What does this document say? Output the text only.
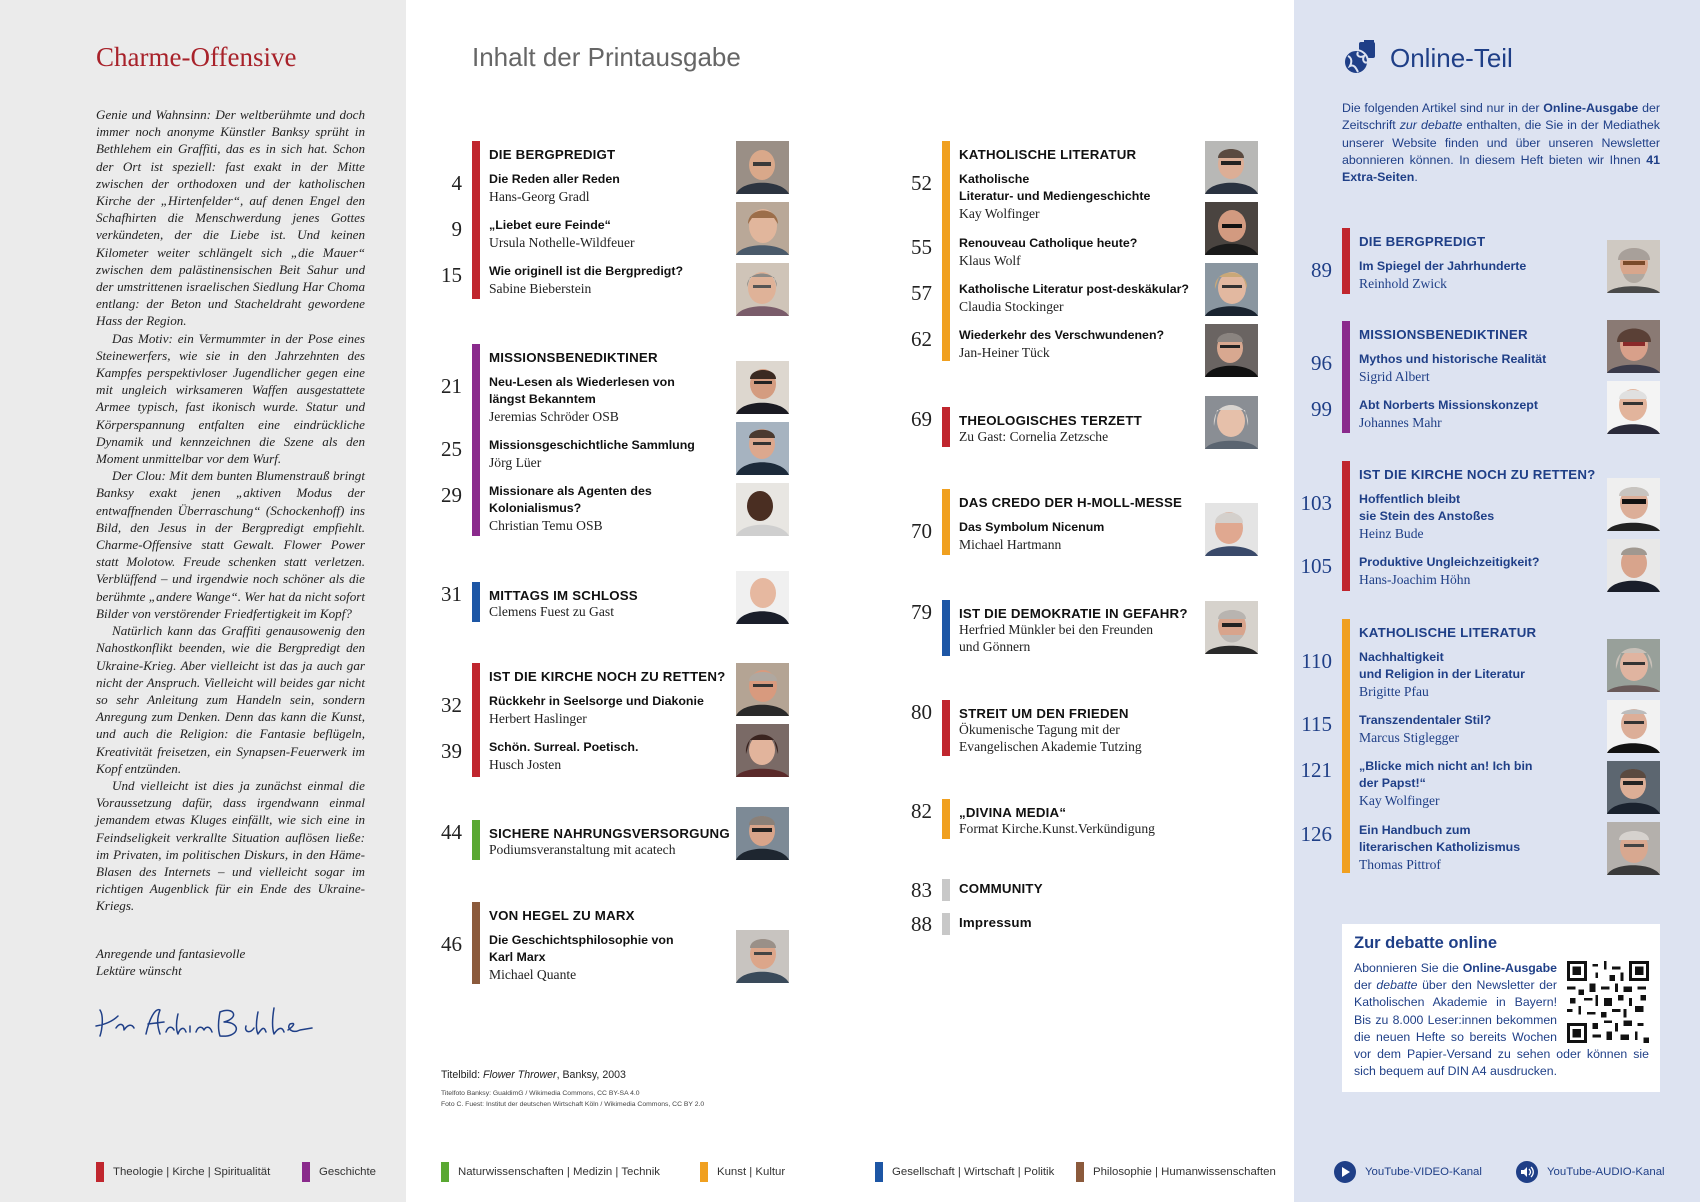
Charme-Offensive

Genie und Wahnsinn: Der weltberühmte und doch immer noch anonyme Künstler Banksy sprüht in Bethlehem ein Graffiti, das es in sich hat. Schon der Ort ist speziell: fast exakt in der Mitte zwischen der orthodoxen und der katholischen Kirche der „Hirtenfelder“, auf denen Engel den Schafhirten die Menschwerdung jenes Gottes verkündeten, der die Liebe ist. Und keinen Kilometer weiter schlängelt sich „die Mauer“ zwischen dem palästinensischen Beit Sahur und der umstrittenen israelischen Siedlung Har Choma entlang: der Beton und Stacheldraht gewordene Hass der Region.

Das Motiv: ein Vermummter in der Pose eines Steinewerfers, wie sie in den Jahrzehnten des Kampfes perspektivloser Jugendlicher gegen eine mit ungleich wirksameren Waffen ausgestattete Armee typisch, fast ikonisch wurde. Statur und Körperspannung entfalten eine eindrückliche Dynamik und kennzeichnen die Szene als den Moment unmittelbar vor dem Wurf.

Der Clou: Mit dem bunten Blumenstrauß bringt Banksy exakt jenen „aktiven Modus der entwaffnenden Überraschung“ (Schockenhoff) ins Bild, den Jesus in der Bergpredigt empfiehlt. Charme-Offensive statt Gewalt. Flower Power statt Molotow. Freude schenken statt verletzen. Verblüffend – und irgendwie noch schöner als die berühmte „andere Wange“. Wer hat da nicht sofort Bilder von verstörender Friedfertigkeit im Kopf?

Natürlich kann das Graffiti genausowenig den Nahostkonflikt beenden, wie die Bergpredigt den Ukraine-Krieg. Aber vielleicht ist das ja auch gar nicht der Anspruch. Vielleicht will beides gar nicht so sehr Anleitung zum Handeln sein, sondern Anregung zum Denken. Denn das kann die Kunst, und auch die Religion: die Fantasie beflügeln, Kreativität freisetzen, ein Synapsen-Feuerwerk im Kopf entzünden.

Und vielleicht ist dies ja zunächst einmal die Voraussetzung dafür, dass irgendwann einmal jemandem etwas Kluges einfällt, wie sich eine in Feindseligkeit verkrallte Situation auflösen ließe: im Privaten, im politischen Diskurs, in den Häme-Blasen des Internets – und vielleicht sogar im richtigen Augenblick für ein Ende des Ukraine-Kriegs.

Anregende und fantasievolle
Lektüre wünscht
Inhalt der Printausgabe
DIE BERGPREDIGT
4 Die Reden aller Reden
Hans-Georg Gradl
9 „Liebet eure Feinde“
Ursula Nothelle-Wildfeuer
15 Wie originell ist die Bergpredigt?
Sabine Bieberstein
MISSIONSBENEDIKTINER
21 Neu-Lesen als Wiederlesen von
längst Bekanntem
Jeremias Schröder OSB
25 Missionsgeschichtliche Sammlung
Jörg Lüer
29 Missionare als Agenten des
Kolonialismus?
Christian Temu OSB
31 MITTAGS IM SCHLOSS
Clemens Fuest zu Gast
IST DIE KIRCHE NOCH ZU RETTEN?
32 Rückkehr in Seelsorge und Diakonie
Herbert Haslinger
39 Schön. Surreal. Poetisch.
Husch Josten
44 SICHERE NAHRUNGSVERSORGUNG
Podiumsveranstaltung mit acatech
VON HEGEL ZU MARX
46 Die Geschichtsphilosophie von
Karl Marx
Michael Quante
KATHOLISCHE LITERATUR
52 Katholische
Literatur- und Mediengeschichte
Kay Wolfinger
55 Renouveau Catholique heute?
Klaus Wolf
57 Katholische Literatur post-deskäkular?
Claudia Stockinger
62 Wiederkehr des Verschwundenen?
Jan-Heiner Tück
69 THEOLOGISCHES TERZETT
Zu Gast: Cornelia Zetzsche
DAS CREDO DER H-MOLL-MESSE
70 Das Symbolum Nicenum
Michael Hartmann
79 IST DIE DEMOKRATIE IN GEFAHR?
Herfried Münkler bei den Freunden
und Gönnern
80 STREIT UM DEN FRIEDEN
Ökumenische Tagung mit der
Evangelischen Akademie Tutzing
82 „DIVINA MEDIA“
Format Kirche.Kunst.Verkündigung
83 COMMUNITY
88 Impressum
Titelbild: Flower Thrower, Banksy, 2003
Titelfoto Banksy: GualdimG / Wikimedia Commons, CC BY-SA 4.0
Foto C. Fuest: Institut der deutschen Wirtschaft Köln / Wikimedia Commons, CC BY 2.0
Online-Teil
Die folgenden Artikel sind nur in der Online-Ausgabe der Zeitschrift zur debatte enthalten, die Sie in der Mediathek unserer Website finden und über unseren Newsletter abonnieren können. In diesem Heft bieten wir Ihnen 41 Extra-Seiten.
DIE BERGPREDIGT
89 Im Spiegel der Jahrhunderte
Reinhold Zwick
MISSIONSBENEDIKTINER
96 Mythos und historische Realität
Sigrid Albert
99 Abt Norberts Missionskonzept
Johannes Mahr
IST DIE KIRCHE NOCH ZU RETTEN?
103 Hoffentlich bleibt
sie Stein des Anstoßes
Heinz Bude
105 Produktive Ungleichzeitigkeit?
Hans-Joachim Höhn
KATHOLISCHE LITERATUR
110 Nachhaltigkeit
und Religion in der Literatur
Brigitte Pfau
115 Transzendentaler Stil?
Marcus Stiglegger
121 „Blicke mich nicht an! Ich bin
der Papst!“
Kay Wolfinger
126 Ein Handbuch zum
literarischen Katholizismus
Thomas Pittrof
Zur debatte online
Abonnieren Sie die Online-Ausgabe der debatte über den Newsletter der Katholischen Akademie in Bayern! Bis zu 8.000 Leser:innen bekommen die neuen Hefte so bereits Wochen vor dem Papier-Versand zu sehen oder können sie sich bequem auf DIN A4 ausdrucken.
Theologie | Kirche | Spiritualität	Geschichte	Naturwissenschaften | Medizin | Technik	Kunst | Kultur	Gesellschaft | Wirtschaft | Politik	Philosophie | Humanwissenschaften	YouTube-VIDEO-Kanal	YouTube-AUDIO-Kanal
